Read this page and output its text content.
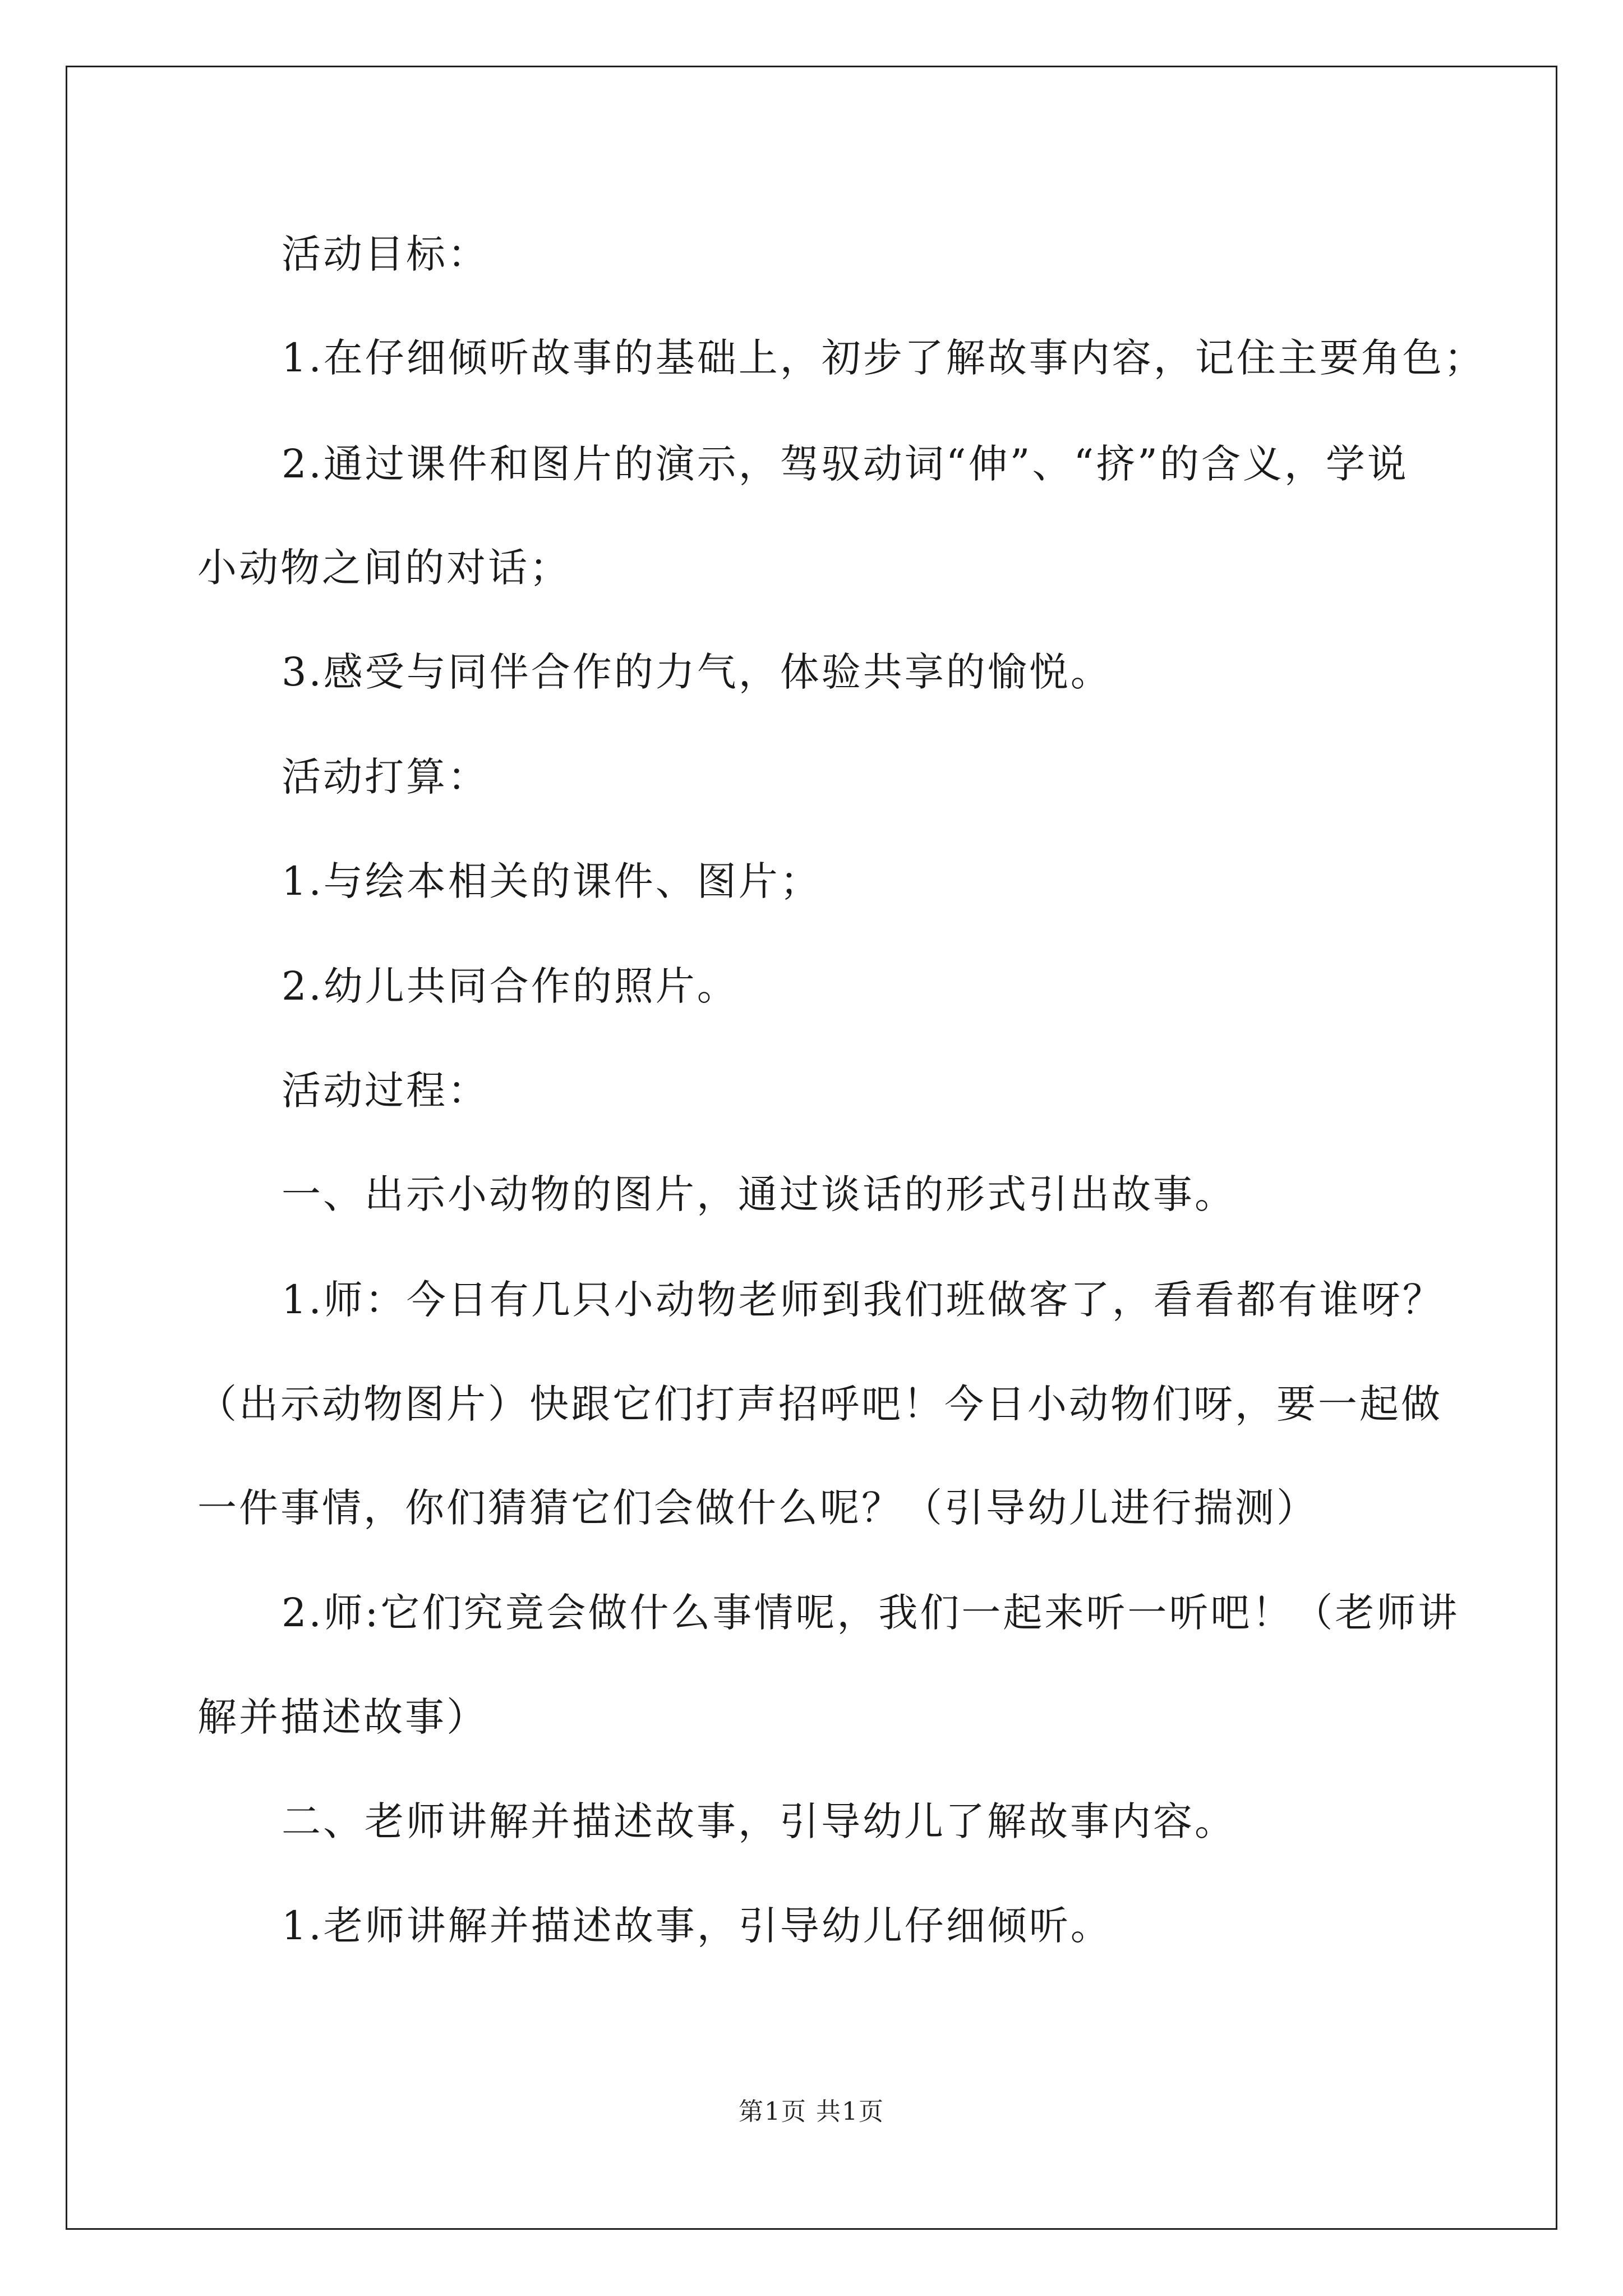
活动目标：
1.在仔细倾听故事的基础上，初步了解故事内容，记住主要角色；
2.通过课件和图片的演示，驾驭动词“伸”、“挤”的含义，学说
小动物之间的对话；
3.感受与同伴合作的力气，体验共享的愉悦。
活动打算：
1.与绘本相关的课件、图片；
2.幼儿共同合作的照片。
活动过程：
一、出示小动物的图片，通过谈话的形式引出故事。
1.师：今日有几只小动物老师到我们班做客了，看看都有谁呀？
（出示动物图片）快跟它们打声招呼吧！今日小动物们呀，要一起做
一件事情，你们猜猜它们会做什么呢？（引导幼儿进行揣测）
2.师:它们究竟会做什么事情呢，我们一起来听一听吧！（老师讲
解并描述故事）
二、老师讲解并描述故事，引导幼儿了解故事内容。
1.老师讲解并描述故事，引导幼儿仔细倾听。
第1页 共1页
